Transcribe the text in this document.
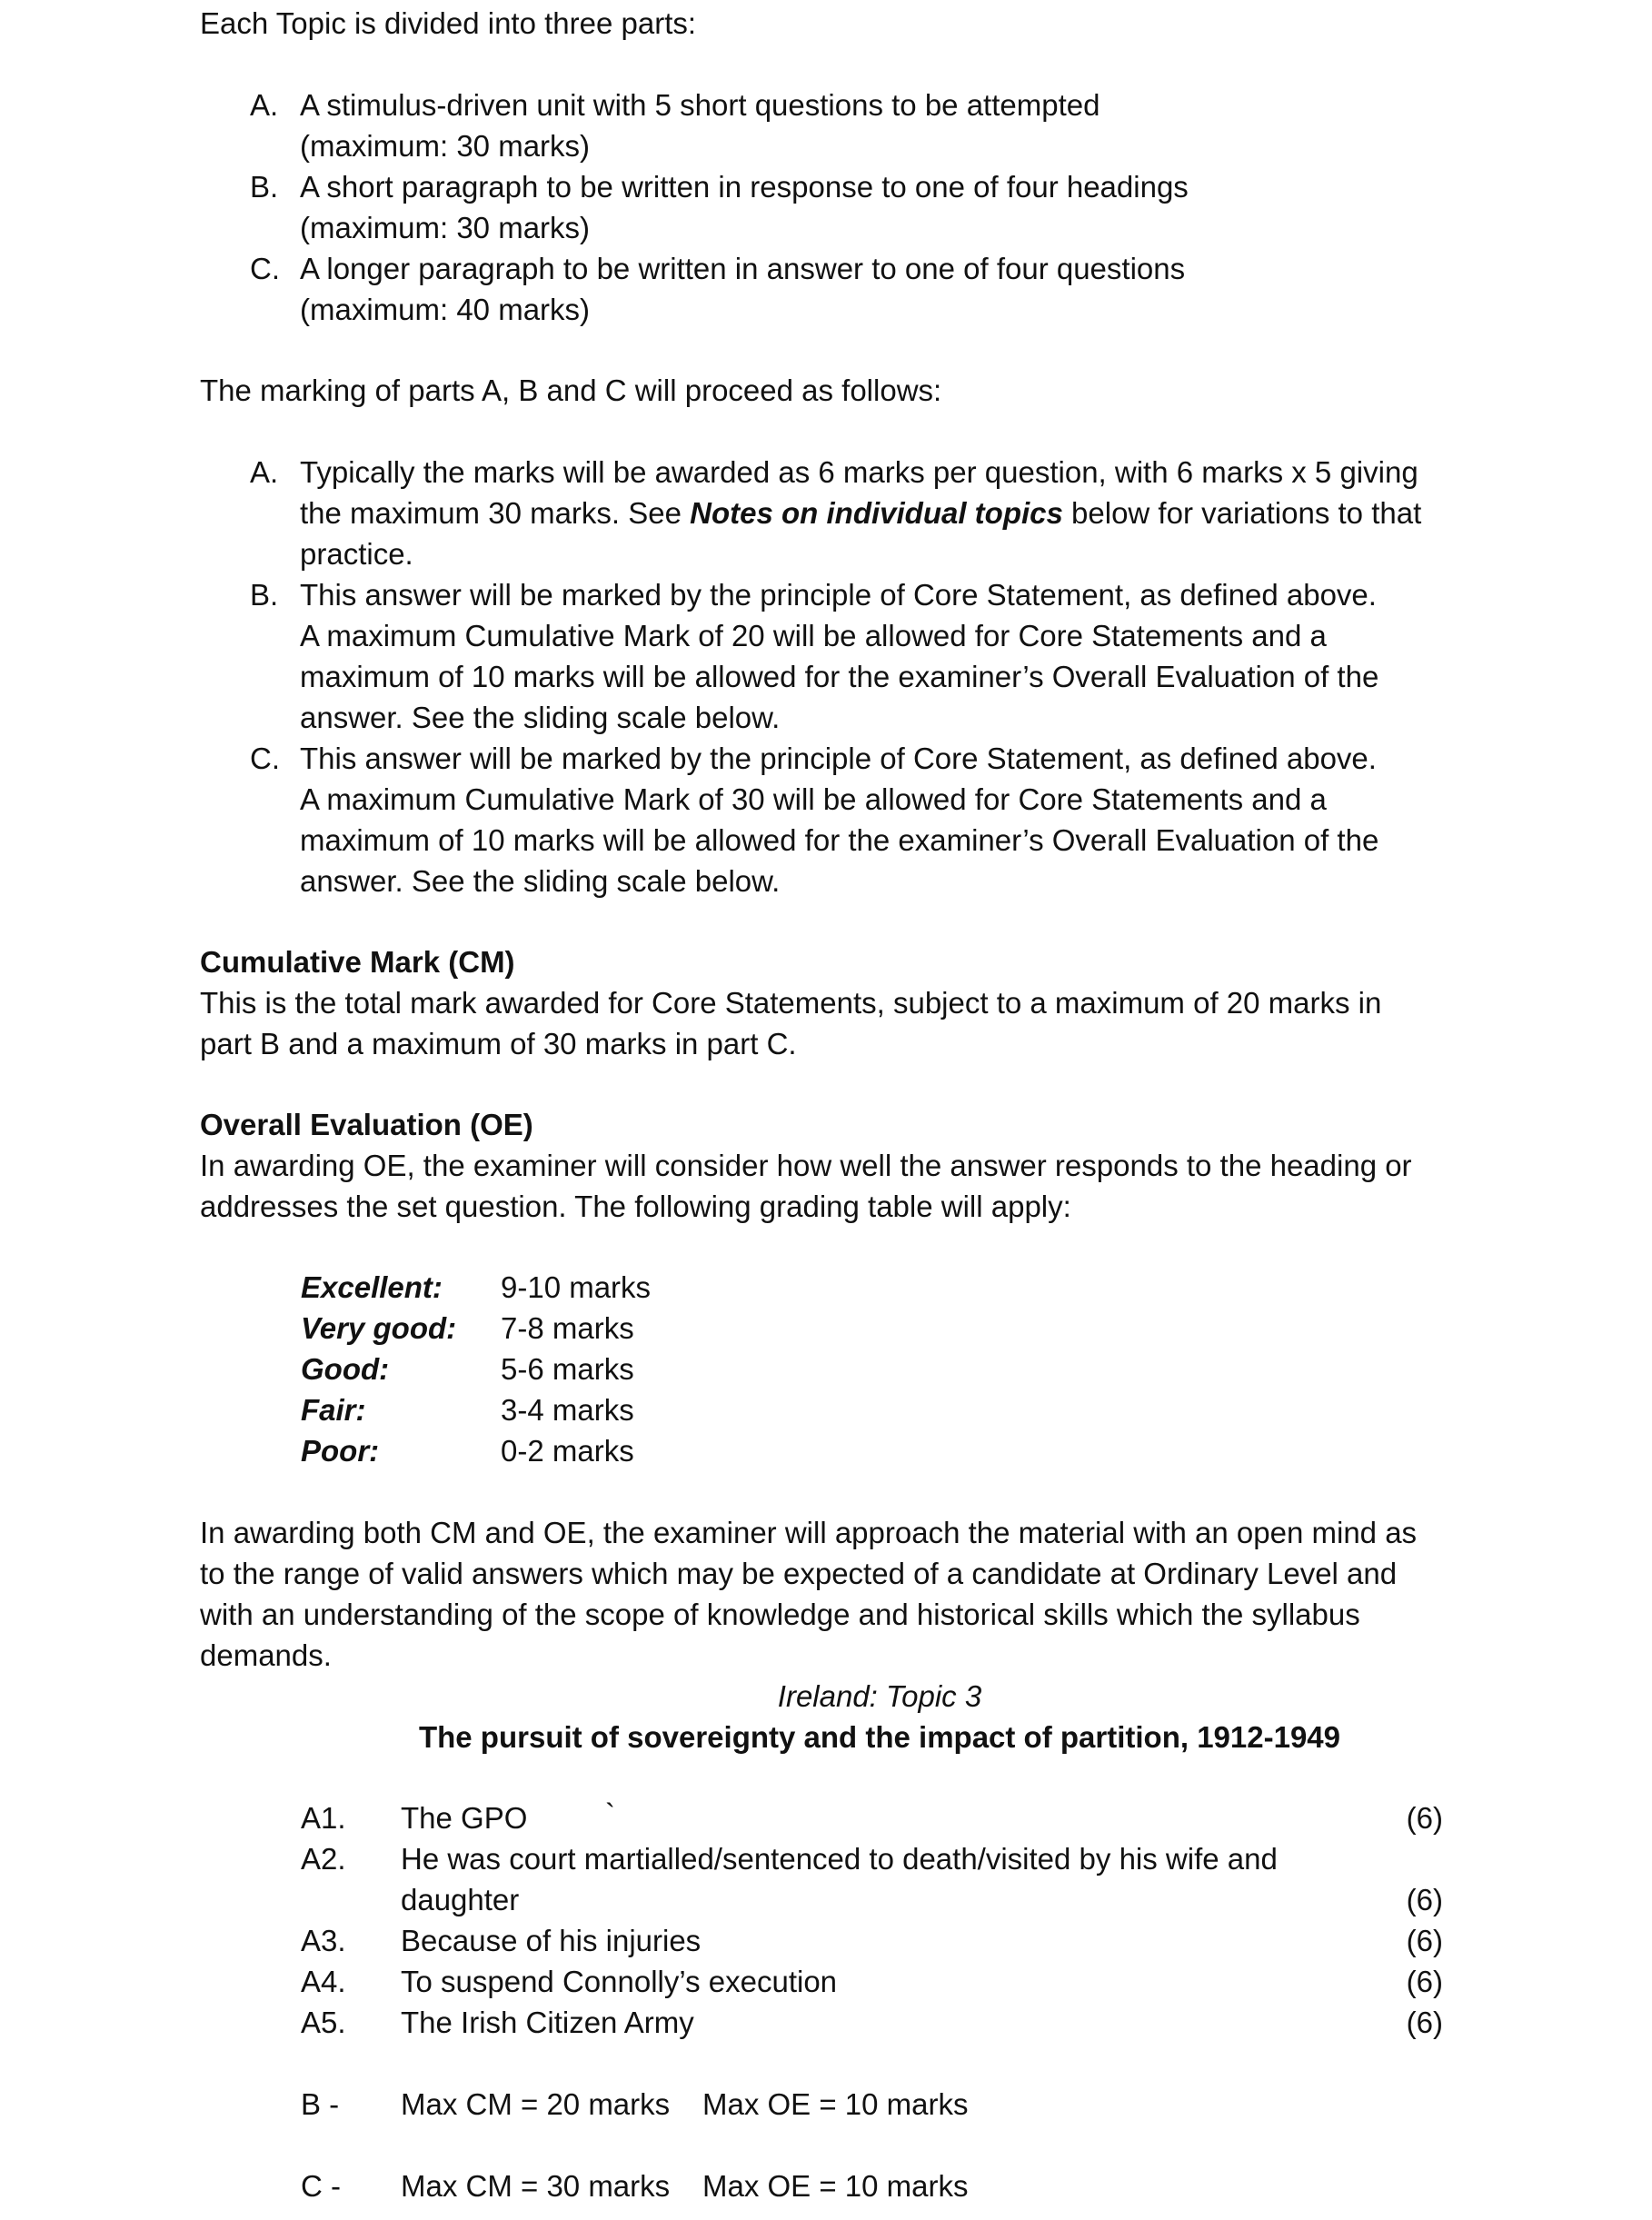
Each Topic is divided into three parts:
A. A stimulus-driven unit with 5 short questions to be attempted
(maximum: 30 marks)
B. A short paragraph to be written in response to one of four headings
(maximum: 30 marks)
C. A longer paragraph to be written in answer to one of four questions
(maximum: 40 marks)
The marking of parts A, B and C will proceed as follows:
A. Typically the marks will be awarded as 6 marks per question, with 6 marks x 5 giving
the maximum 30 marks. See Notes on individual topics below for variations to that
practice.
B. This answer will be marked by the principle of Core Statement, as defined above.
A maximum Cumulative Mark of 20 will be allowed for Core Statements and a
maximum of 10 marks will be allowed for the examiner’s Overall Evaluation of the
answer. See the sliding scale below.
C. This answer will be marked by the principle of Core Statement, as defined above.
A maximum Cumulative Mark of 30 will be allowed for Core Statements and a
maximum of 10 marks will be allowed for the examiner’s Overall Evaluation of the
answer. See the sliding scale below.
Cumulative Mark (CM)
This is the total mark awarded for Core Statements, subject to a maximum of 20 marks in
part B and a maximum of 30 marks in part C.
Overall Evaluation (OE)
In awarding OE, the examiner will consider how well the answer responds to the heading or
addresses the set question. The following grading table will apply:
Excellent: 9-10 marks
Very good: 7-8 marks
Good:	5-6 marks
Fair:	3-4 marks
Poor:	0-2 marks
In awarding both CM and OE, the examiner will approach the material with an open mind as
to the range of valid answers which may be expected of a candidate at Ordinary Level and
with an understanding of the scope of knowledge and historical skills which the syllabus
demands.
Ireland: Topic 3
The pursuit of sovereignty and the impact of partition, 1912-1949
A1. The GPO	`	(6)
A2. He was court martialled/sentenced to death/visited by his wife and
daughter	(6)
A3. Because of his injuries	(6)
A4. To suspend Connolly’s execution	(6)
A5. The Irish Citizen Army	(6)
B - Max CM = 20 marks Max OE = 10 marks
C - Max CM = 30 marks Max OE = 10 marks
